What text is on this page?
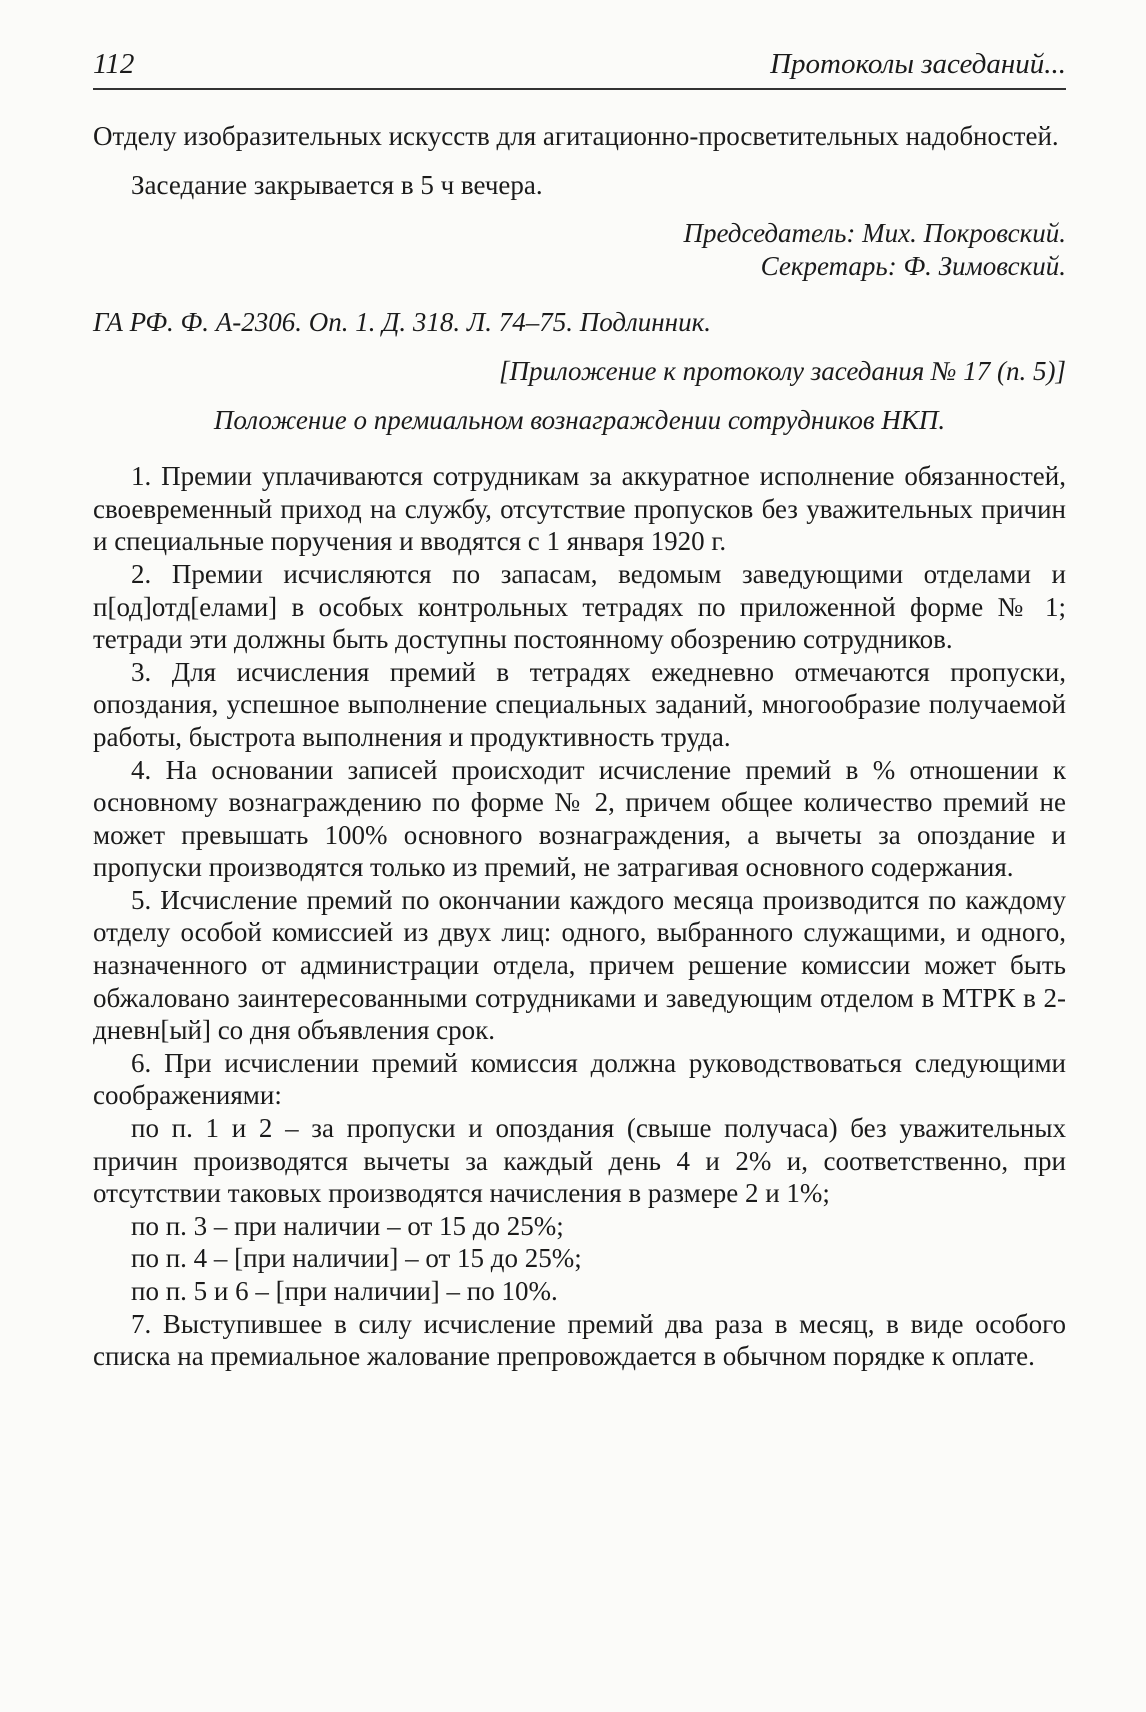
112	Протоколы заседаний...

Отделу изобразительных искусств для агитационно-просветительных надобностей.

Заседание закрывается в 5 ч вечера.

Председатель: Мих. Покровский.

Секретарь: Ф. Зимовский.

ГА РФ. Ф. А-2306. Оп. 1. Д. 318. Л. 74–75. Подлинник.

[Приложение к протоколу заседания № 17 (п. 5)]

Положение о премиальном вознаграждении сотрудников НКП.

1. Премии уплачиваются сотрудникам за аккуратное исполнение обязанностей, своевременный приход на службу, отсутствие пропусков без уважительных причин и специальные поручения и вводятся с 1 января 1920 г.

2. Премии исчисляются по запасам, ведомым заведующими отделами и п[од]отд[елами] в особых контрольных тетрадях по приложенной форме № 1; тетради эти должны быть доступны постоянному обозрению сотрудников.

3. Для исчисления премий в тетрадях ежедневно отмечаются пропуски, опоздания, успешное выполнение специальных заданий, многообразие получаемой работы, быстрота выполнения и продуктивность труда.

4. На основании записей происходит исчисление премий в % отношении к основному вознаграждению по форме № 2, причем общее количество премий не может превышать 100% основного вознаграждения, а вычеты за опоздание и пропуски производятся только из премий, не затрагивая основного содержания.

5. Исчисление премий по окончании каждого месяца производится по каждому отделу особой комиссией из двух лиц: одного, выбранного служащими, и одного, назначенного от администрации отдела, причем решение комиссии может быть обжаловано заинтересованными сотрудниками и заведующим отделом в МТРК в 2-дневн[ый] со дня объявления срок.

6. При исчислении премий комиссия должна руководствоваться следующими соображениями:

по п. 1 и 2 – за пропуски и опоздания (свыше получаса) без уважительных причин производятся вычеты за каждый день 4 и 2% и, соответственно, при отсутствии таковых производятся начисления в размере 2 и 1%;

по п. 3 – при наличии – от 15 до 25%;

по п. 4 – [при наличии] – от 15 до 25%;

по п. 5 и 6 – [при наличии] – по 10%.

7. Выступившее в силу исчисление премий два раза в месяц, в виде особого списка на премиальное жалование препровождается в обычном порядке к оплате.
